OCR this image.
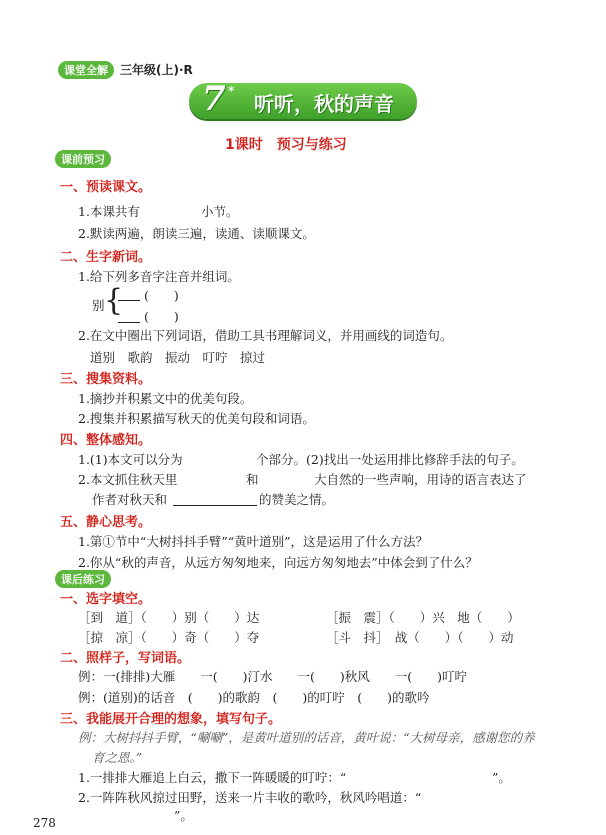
课堂全解	三年级(上)·R
7 *
听听，秋的声音
1课时　预习与练习
课前预习
一、预读课文。
1.本课共有	小节。
2.默读两遍，朗读三遍，读通、读顺课文。
二、生字新词。
1.给下列多音字注音并组词。
别 { (　　)
(　　)
2.在文中圈出下列词语，借助工具书理解词义，并用画线的词造句。
道别　歌韵　振动　叮咛　掠过
三、搜集资料。
1.摘抄并积累文中的优美句段。
2.搜集并积累描写秋天的优美句段和词语。
四、整体感知。
1.(1)本文可以分为	个部分。(2)找出一处运用排比修辞手法的句子。
2.本文抓住秋天里	和	大自然的一些声响，用诗的语言表达了
作者对秋天和	的赞美之情。
五、静心思考。
1.第①节中“大树抖抖手臂”“黄叶道别”，这是运用了什么方法？
2.你从“秋的声音，从远方匆匆地来，向远方匆匆地去”中体会到了什么？
课后练习
一、选字填空。
［到　道］（　　）别（　　）达	［振　震］（　　）兴　地（　　）
［掠　凉］（　　）奇（　　）夺	［斗　抖］　战（　　）（　　）动
二、照样子，写词语。
例：一(排排)大雁　　一(　　)汀水　　一(　　)秋风　　一(　　)叮咛
例：(道别)的话音　(　　)的歌韵　(　　)的叮咛　(　　)的歌吟
三、我能展开合理的想象，填写句子。
例：大树抖抖手臂，“唰唰”，是黄叶道别的话音，黄叶说：“大树母亲，感谢您的养
育之恩。”
1.一排排大雁追上白云，撒下一阵暖暖的叮咛：“	”。
2.一阵阵秋风掠过田野，送来一片丰收的歌吟，秋风吟唱道：“
”。
278
